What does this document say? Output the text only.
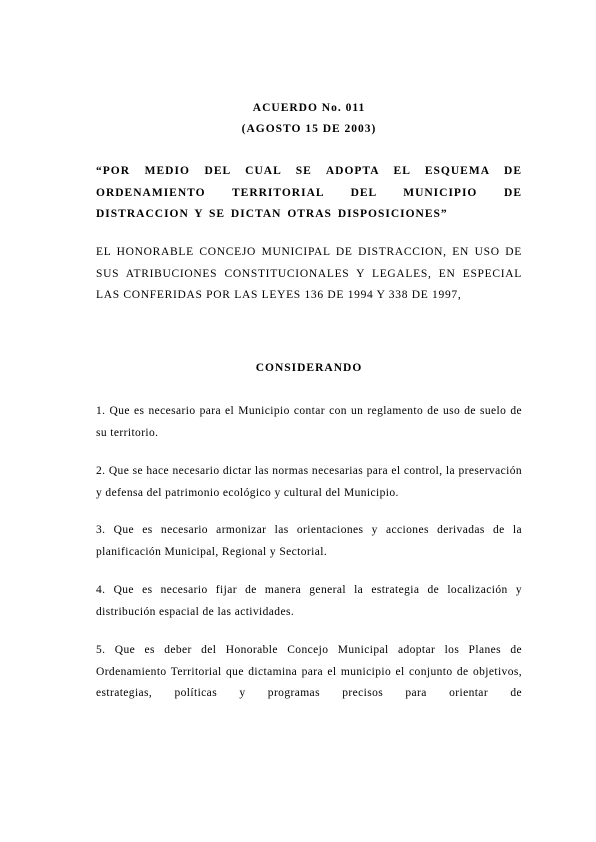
ACUERDO No. 011

(AGOSTO 15 DE 2003)

“POR MEDIO DEL CUAL SE ADOPTA EL ESQUEMA DE ORDENAMIENTO TERRITORIAL DEL MUNICIPIO DE DISTRACCION Y SE DICTAN OTRAS DISPOSICIONES”

EL HONORABLE CONCEJO MUNICIPAL DE DISTRACCION, EN USO DE SUS ATRIBUCIONES CONSTITUCIONALES Y LEGALES, EN ESPECIAL LAS CONFERIDAS POR LAS LEYES 136 DE 1994 Y 338 DE 1997,

CONSIDERANDO

1. Que es necesario para el Municipio contar con un reglamento de uso de suelo de su territorio.

2. Que se hace necesario dictar las normas necesarias para el control, la preservación y defensa del patrimonio ecológico y cultural del Municipio.

3. Que es necesario armonizar las orientaciones y acciones derivadas de la planificación Municipal, Regional y Sectorial.

4. Que es necesario fijar de manera general la estrategia de localización y distribución espacial de las actividades.

5. Que es deber del Honorable Concejo Municipal adoptar los Planes de Ordenamiento Territorial que dictamina para el municipio el conjunto de objetivos, estrategias, políticas y programas precisos para orientar de
